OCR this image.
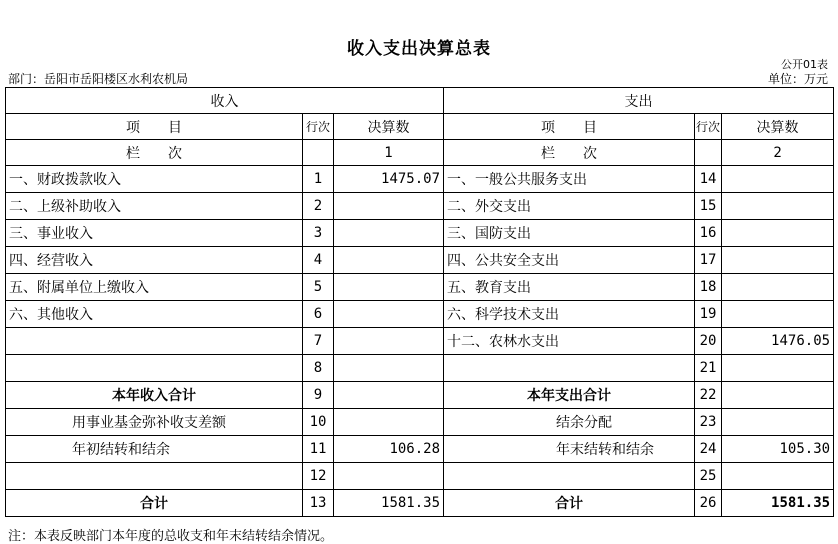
收入支出决算总表
公开01表
部门：岳阳市岳阳楼区水利农机局	单位：万元
收入			支出		
项　　目	行次	决算数	项　　目	行次	决算数
栏　　次		1	栏　　次		2
一、财政拨款收入	1	1475.07	一、一般公共服务支出	14	
二、上级补助收入	2		二、外交支出	15	
三、事业收入	3		三、国防支出	16	
四、经营收入	4		四、公共安全支出	17	
五、附属单位上缴收入	5		五、教育支出	18	
六、其他收入	6		六、科学技术支出	19	
	7		十二、农林水支出	20	1476.05
	8			21	
本年收入合计	9		本年支出合计	22	
用事业基金弥补收支差额	10		结余分配	23	
年初结转和结余	11	106.28	年末结转和结余	24	105.30
	12			25	
合计	13	1581.35	合计	26	1581.35
注：本表反映部门本年度的总收支和年末结转结余情况。
